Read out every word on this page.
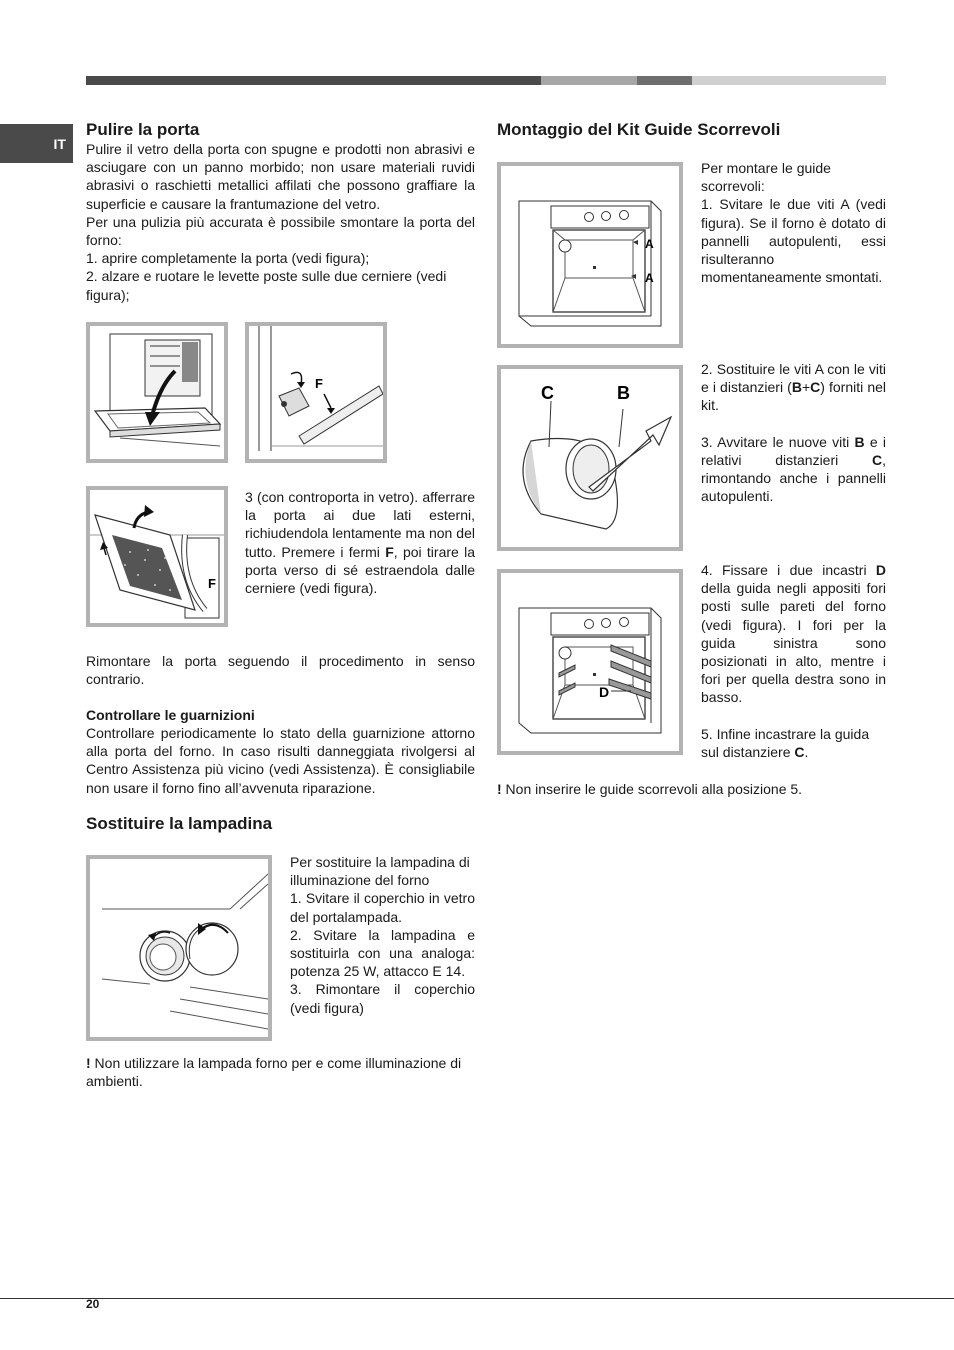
IT
Pulire la porta

Pulire il vetro della porta con spugne e prodotti non abrasivi e asciugare con un panno morbido; non usare materiali ruvidi abrasivi o raschietti metallici affilati che possono graffiare la superficie e causare la frantumazione del vetro.

Per una pulizia più accurata è possibile smontare la porta del forno:

1. aprire completamente la porta (vedi figura);

2. alzare e ruotare le levette poste sulle due cerniere (vedi figura);

F
F

3 (con controporta in vetro). afferrare la porta ai due lati esterni, richiudendola lentamente ma non del tutto. Premere i fermi F, poi tirare la porta verso di sé estraendola dalle cerniere (vedi figura).

Rimontare la porta seguendo il procedimento in senso contrario.

Controllare le guarnizioni

Controllare periodicamente lo stato della guarnizione attorno alla porta del forno. In caso risulti danneggiata rivolgersi al Centro Assistenza più vicino (vedi Assistenza). È consigliabile non usare il forno fino all’avvenuta riparazione.

Sostituire la lampadina

Per sostituire la lampadina di illuminazione del forno

1. Svitare il coperchio in vetro del portalampada.

2. Svitare la lampadina e sostituirla con una analoga: potenza 25 W, attacco E 14.

3. Rimontare il coperchio (vedi figura)

! Non utilizzare la lampada forno per e come illuminazione di ambienti.

Montaggio del Kit Guide Scorrevoli
A
A

Per montare le guide scorrevoli:

1. Svitare le due viti A (vedi figura). Se il forno è dotato di pannelli autopulenti, essi risulteranno momentaneamente smontati.

C	B

2. Sostituire le viti A con le viti e i distanzieri (B+C) forniti nel kit.

3. Avvitare le nuove viti B e i relativi distanzieri C, rimontando anche i pannelli autopulenti.

D

4. Fissare i due incastri D della guida negli appositi fori posti sulle pareti del forno (vedi figura). I fori per la guida sinistra sono posizionati in alto, mentre i fori per quella destra sono in basso.

5. Infine incastrare la guida sul distanziere C.

! Non inserire le guide scorrevoli alla posizione 5.

20
